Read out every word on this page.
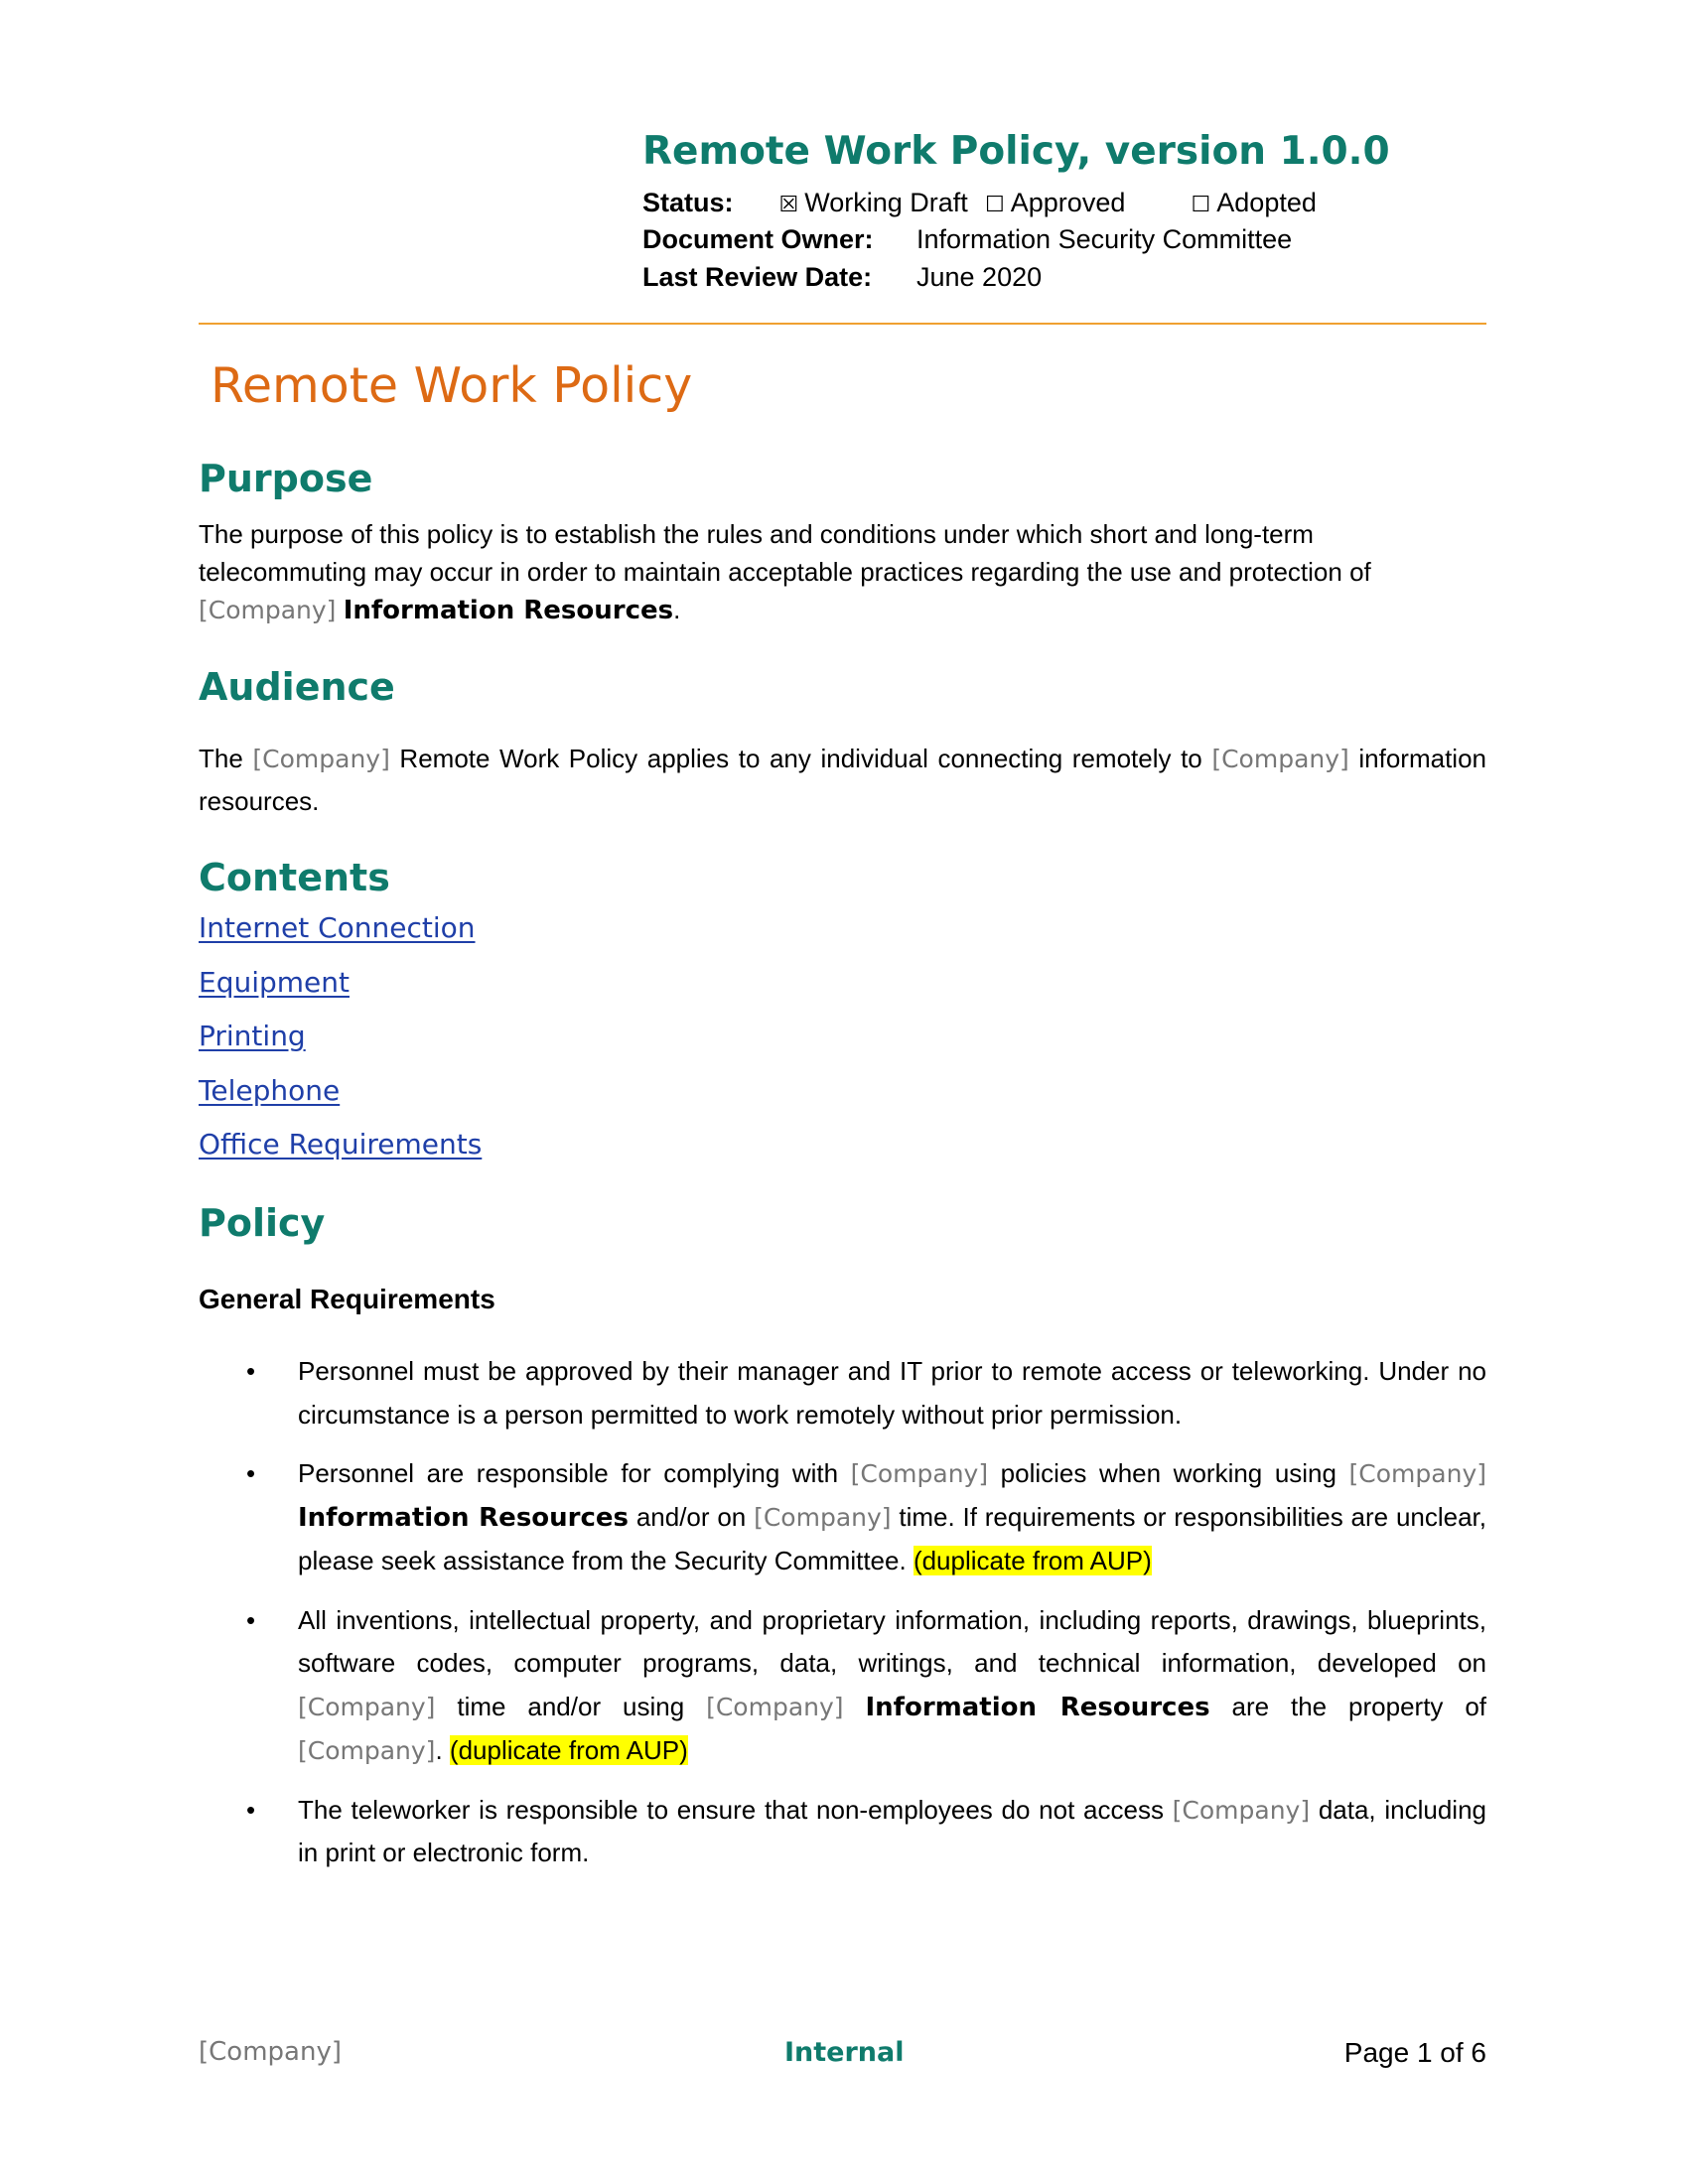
Remote Work Policy, version 1.0.0
Status: ☒ Working Draft ☐ Approved	☐ Adopted
Document Owner: Information Security Committee
Last Review Date: June 2020
Remote Work Policy
Purpose

The purpose of this policy is to establish the rules and conditions under which short and long-term telecommuting may occur in order to maintain acceptable practices regarding the use and protection of [Company] Information Resources.

Audience

The [Company] Remote Work Policy applies to any individual connecting remotely to [Company] information resources.

Contents
Internet Connection
Equipment
Printing
Telephone
Office Requirements
Policy
General Requirements
• Personnel must be approved by their manager and IT prior to remote access or teleworking. Under no circumstance is a person permitted to work remotely without prior permission.
• Personnel are responsible for complying with [Company] policies when working using [Company] Information Resources and/or on [Company] time. If requirements or responsibilities are unclear, please seek assistance from the Security Committee. (duplicate from AUP)
• All inventions, intellectual property, and proprietary information, including reports, drawings, blueprints, software codes, computer programs, data, writings, and technical information, developed on [Company] time and/or using [Company] Information Resources are the property of [Company]. (duplicate from AUP)
• The teleworker is responsible to ensure that non-employees do not access [Company] data, including in print or electronic form.
[Company]	Internal	Page 1 of 6
